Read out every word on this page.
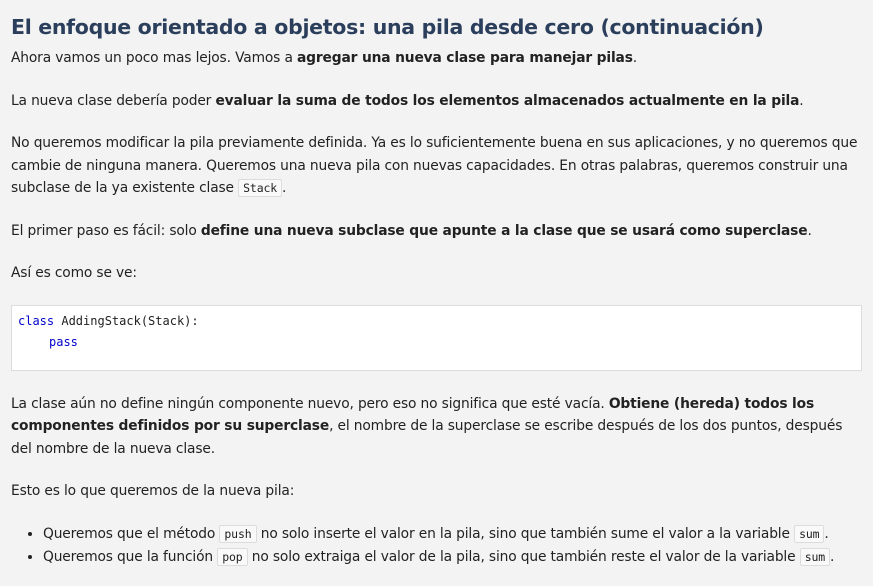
El enfoque orientado a objetos: una pila desde cero (continuación)

Ahora vamos un poco mas lejos. Vamos a agregar una nueva clase para manejar pilas.

La nueva clase debería poder evaluar la suma de todos los elementos almacenados actualmente en la pila.

No queremos modificar la pila previamente definida. Ya es lo suficientemente buena en sus aplicaciones, y no queremos que cambie de ninguna manera. Queremos una nueva pila con nuevas capacidades. En otras palabras, queremos construir una subclase de la ya existente clase Stack .

El primer paso es fácil: solo define una nueva subclase que apunte a la clase que se usará como superclase.

Así es como se ve:

class AddingStack(Stack):
pass

La clase aún no define ningún componente nuevo, pero eso no significa que esté vacía. Obtiene (hereda) todos los componentes definidos por su superclase, el nombre de la superclase se escribe después de los dos puntos, después del nombre de la nueva clase.

Esto es lo que queremos de la nueva pila:

• Queremos que el método push no solo inserte el valor en la pila, sino que también sume el valor a la variable sum .
• Queremos que la función pop no solo extraiga el valor de la pila, sino que también reste el valor de la variable sum .
